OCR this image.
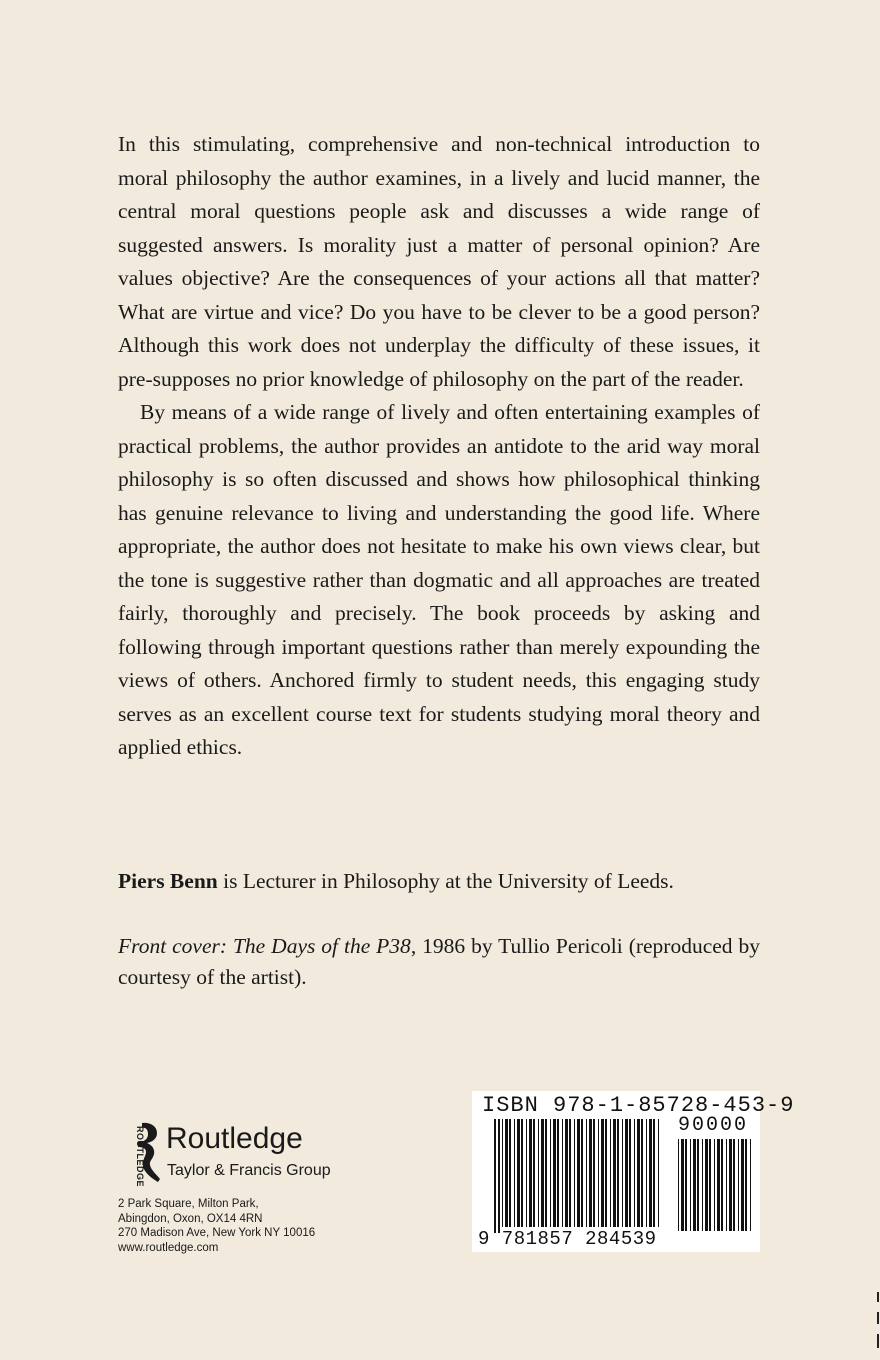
In this stimulating, comprehensive and non-technical introduction to moral philosophy the author examines, in a lively and lucid manner, the central moral questions people ask and discusses a wide range of suggested answers. Is morality just a matter of personal opinion? Are values objective? Are the consequences of your actions all that matter? What are virtue and vice? Do you have to be clever to be a good person? Although this work does not underplay the difficulty of these issues, it pre-supposes no prior knowledge of philosophy on the part of the reader.

By means of a wide range of lively and often entertaining examples of practical problems, the author provides an antidote to the arid way moral philosophy is so often discussed and shows how philosophical thinking has genuine relevance to living and understanding the good life. Where appropriate, the author does not hesitate to make his own views clear, but the tone is suggestive rather than dogmatic and all approaches are treated fairly, thoroughly and precisely. The book proceeds by asking and following through important questions rather than merely expounding the views of others. Anchored firmly to student needs, this engaging study serves as an excellent course text for students studying moral theory and applied ethics.

Piers Benn is Lecturer in Philosophy at the University of Leeds.

Front cover: The Days of the P38, 1986 by Tullio Pericoli (reproduced by courtesy of the artist).

ROUTLEDGE Routledge
Taylor & Francis Group
2 Park Square, Milton Park,
Abingdon, Oxon, OX14 4RN
270 Madison Ave, New York NY 10016
www.routledge.com
ISBN 978-1-85728-453-9
90000
9 781857 284539
